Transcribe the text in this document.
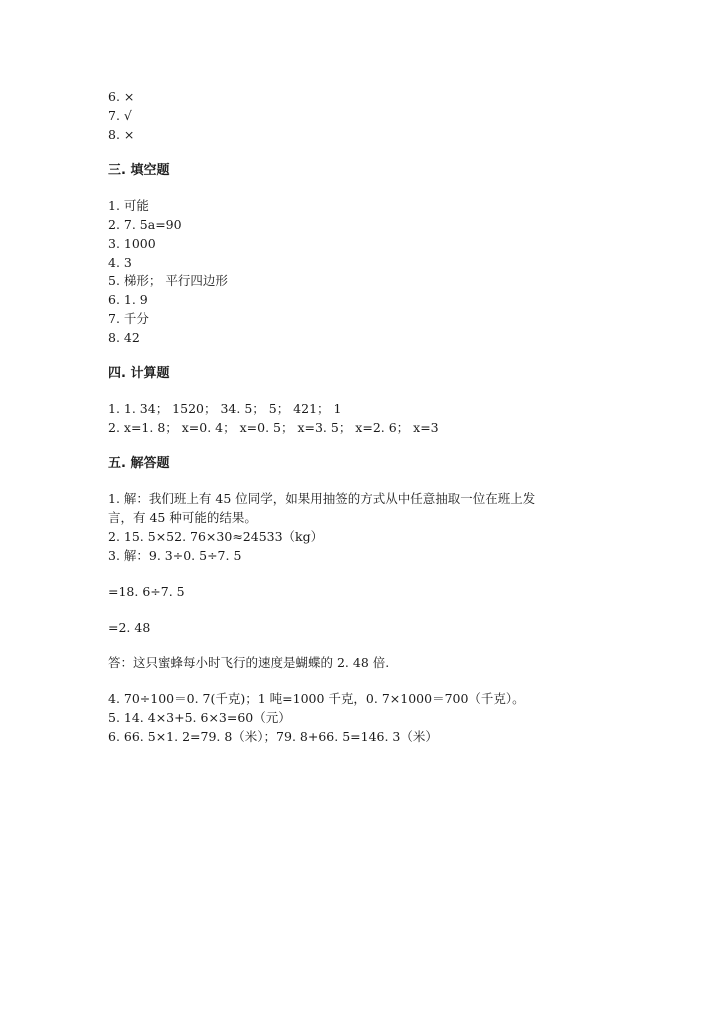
6. ×
7. √
8. ×
三. 填空题
1. 可能
2. 7. 5a=90
3. 1000
4. 3
5. 梯形； 平行四边形
6. 1. 9
7. 千分
8. 42
四. 计算题
1. 1. 34； 1520； 34. 5； 5； 421； 1
2. x=1. 8； x=0. 4； x=0. 5； x=3. 5； x=2. 6； x=3
五. 解答题
1. 解：我们班上有 45 位同学，如果用抽签的方式从中任意抽取一位在班上发
言，有 45 种可能的结果。
2. 15. 5×52. 76×30≈24533（kg）
3. 解：9. 3÷0. 5÷7. 5
=18. 6÷7. 5
=2. 48
答：这只蜜蜂每小时飞行的速度是蝴蝶的 2. 48 倍.
4. 70÷100＝0. 7(千克)；1 吨=1000 千克，0. 7×1000＝700（千克）。
5. 14. 4×3+5. 6×3=60（元）
6. 66. 5×1. 2=79. 8（米）；79. 8+66. 5=146. 3（米）
